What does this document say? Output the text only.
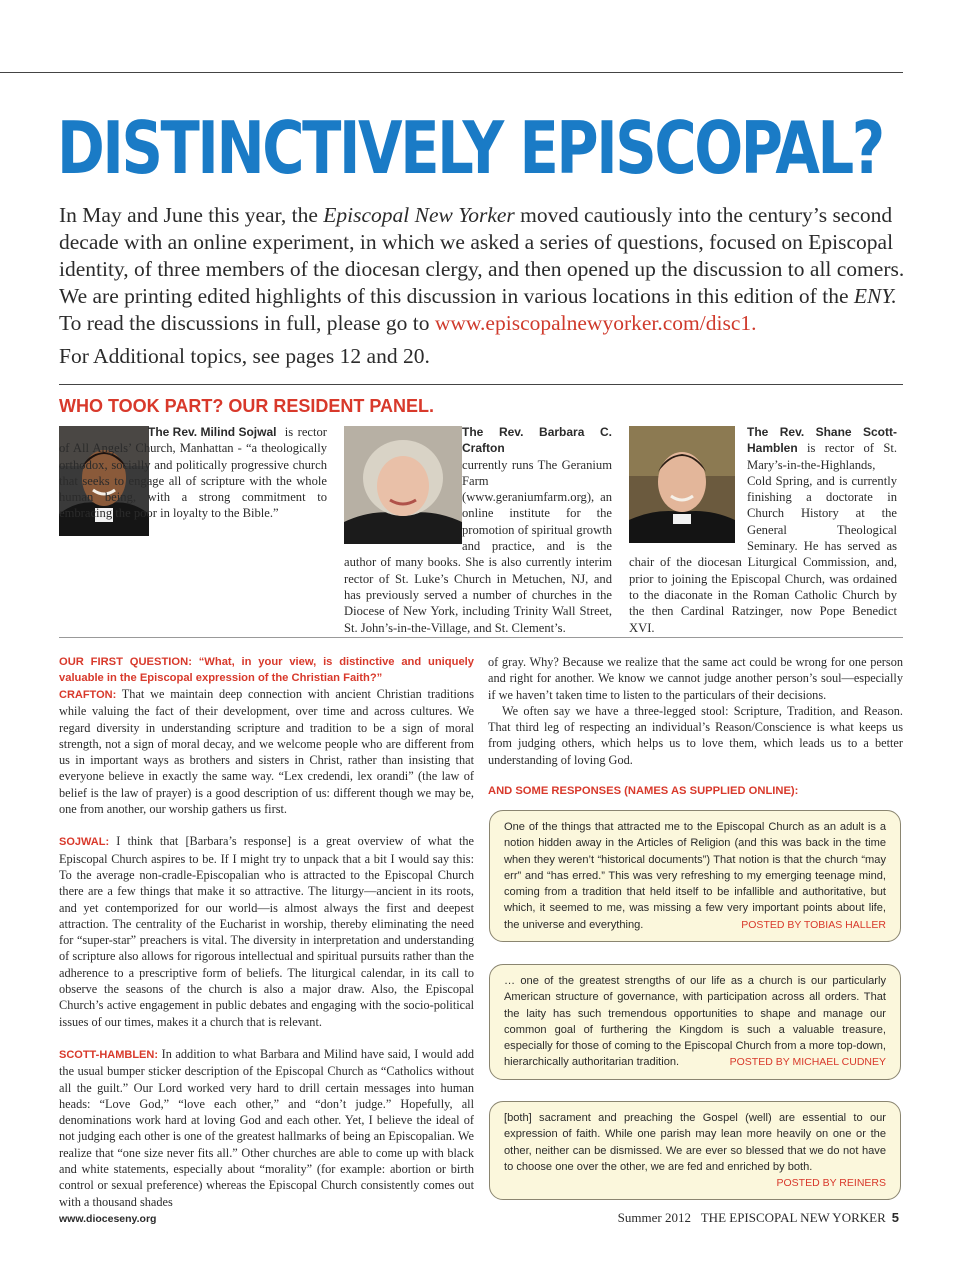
DISTINCTIVELY EPISCOPAL?

In May and June this year, the Episcopal New Yorker moved cautiously into the century’s second decade with an online experiment, in which we asked a series of questions, focused on Episcopal identity, of three members of the diocesan clergy, and then opened up the discussion to all comers. We are printing edited highlights of this discussion in various locations in this edition of the ENY. To read the discussions in full, please go to www.episcopalnewyorker.com/disc1.

For Additional topics, see pages 12 and 20.

WHO TOOK PART? OUR RESIDENT PANEL.
The Rev. Milind Sojwal is rector of All Angels’ Church, Manhattan - “a theologically orthodox, socially and politically progressive church that seeks to engage all of scripture with the whole human being, with a strong commitment to embracing the poor in loyalty to the Bible.”
The Rev. Barbara C. Crafton
currently runs The Geranium Farm (www.geraniumfarm.org), an online institute for the promotion of spiritual growth and practice, and is the author of many books. She is also currently interim rector of St. Luke’s Church in Metuchen, NJ, and has previously served a number of churches in the Diocese of New York, including Trinity Wall Street, St. John’s-in-the-Village, and St. Clement’s.
The Rev. Shane Scott-Hamblen is rector of St. Mary’s-in-the-Highlands, Cold Spring, and is currently finishing a doctorate in Church History at the General Theological Seminary. He has served as chair of the diocesan Liturgical Commission, and, prior to joining the Episcopal Church, was ordained to the diaconate in the Roman Catholic Church by the then Cardinal Ratzinger, now Pope Benedict XVI.

OUR FIRST QUESTION: “What, in your view, is distinctive and uniquely valuable in the Episcopal expression of the Christian Faith?”

CRAFTON: That we maintain deep connection with ancient Christian traditions while valuing the fact of their development, over time and across cultures. We regard diversity in understanding scripture and tradition to be a sign of moral strength, not a sign of moral decay, and we welcome people who are different from us in important ways as brothers and sisters in Christ, rather than insisting that everyone believe in exactly the same way. “Lex credendi, lex orandi” (the law of belief is the law of prayer) is a good description of us: different though we may be, one from another, our worship gathers us first.

SOJWAL: I think that [Barbara’s response] is a great overview of what the Episcopal Church aspires to be. If I might try to unpack that a bit I would say this: To the average non-cradle-Episcopalian who is attracted to the Episcopal Church there are a few things that make it so attractive. The liturgy—ancient in its roots, and yet contemporized for our world—is almost always the first and deepest attraction. The centrality of the Eucharist in worship, thereby eliminating the need for “super-star” preachers is vital. The diversity in interpretation and understanding of scripture also allows for rigorous intellectual and spiritual pursuits rather than the adherence to a prescriptive form of beliefs. The liturgical calendar, in its call to observe the seasons of the church is also a major draw. Also, the Episcopal Church’s active engagement in public debates and engaging with the socio-political issues of our times, makes it a church that is relevant.

SCOTT-HAMBLEN: In addition to what Barbara and Milind have said, I would add the usual bumper sticker description of the Episcopal Church as “Catholics without all the guilt.” Our Lord worked very hard to drill certain messages into human heads: “Love God,” “love each other,” and “don’t judge.” Hopefully, all denominations work hard at loving God and each other. Yet, I believe the ideal of not judging each other is one of the greatest hallmarks of being an Episcopalian. We realize that “one size never fits all.” Other churches are able to come up with black and white statements, especially about “morality” (for example: abortion or birth control or sexual preference) whereas the Episcopal Church consistently comes out with a thousand shades

of gray. Why? Because we realize that the same act could be wrong for one person and right for another. We know we cannot judge another person’s soul—especially if we haven’t taken time to listen to the particulars of their decisions.

We often say we have a three-legged stool: Scripture, Tradition, and Reason. That third leg of respecting an individual’s Reason/Conscience is what keeps us from judging others, which helps us to love them, which leads us to a better understanding of loving God.

AND SOME RESPONSES (NAMES AS SUPPLIED ONLINE):

One of the things that attracted me to the Episcopal Church as an adult is a notion hidden away in the Articles of Religion (and this was back in the time when they weren’t “historical documents”) That notion is that the church “may err” and “has erred.” This was very refreshing to my emerging teenage mind, coming from a tradition that held itself to be infallible and authoritative, but which, it seemed to me, was missing a few very important points about life, the universe and everything.	POSTED BY TOBIAS HALLER

… one of the greatest strengths of our life as a church is our particularly American structure of governance, with participation across all orders. That the laity has such tremendous opportunities to shape and manage our common goal of furthering the Kingdom is such a valuable treasure, especially for those of coming to the Episcopal Church from a more top-down, hierarchically authoritarian tradition.	POSTED BY MICHAEL CUDNEY

[both] sacrament and preaching the Gospel (well) are essential to our expression of faith. While one parish may lean more heavily on one or the other, neither can be dismissed. We are ever so blessed that we do not have to choose one over the other, we are fed and enriched by both.
POSTED BY REINERS

www.dioceseny.org	Summer 2012 THE EPISCOPAL NEW YORKER 5
